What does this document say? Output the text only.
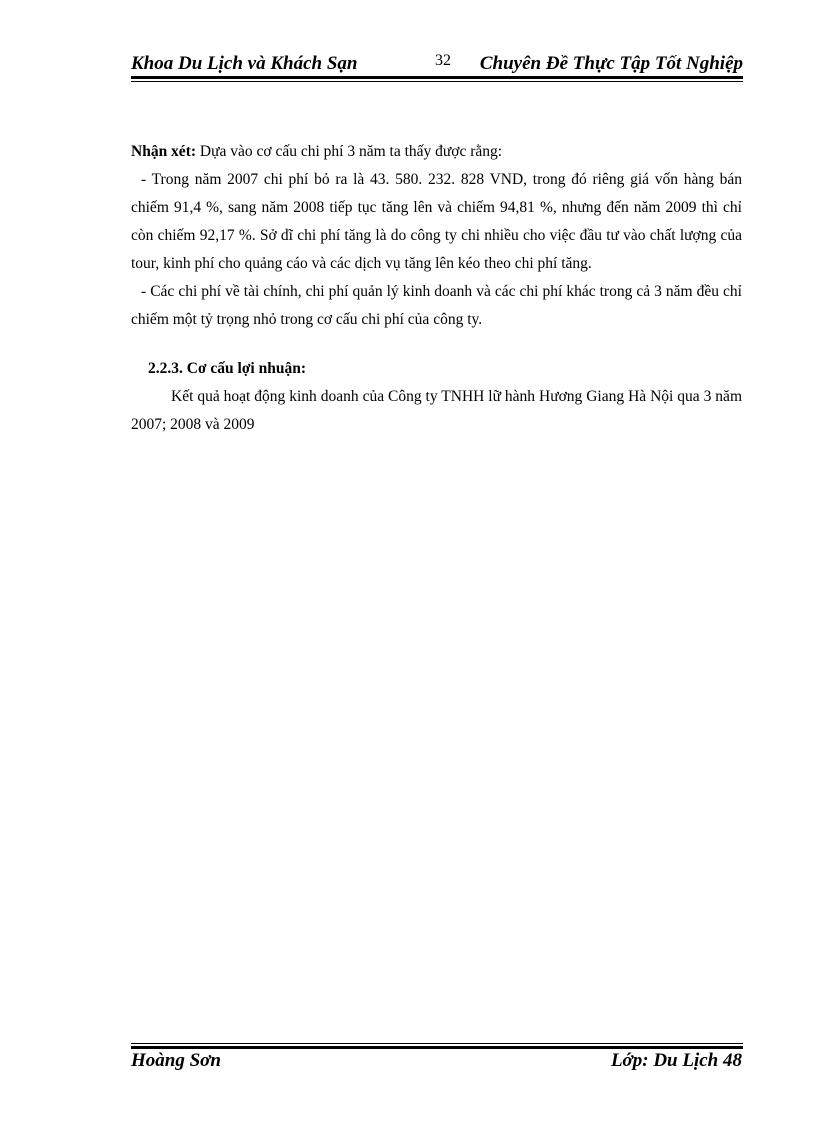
Khoa Du Lịch và Khách Sạn	32 Chuyên Đề Thực Tập Tốt Nghiệp

Nhận xét: Dựa vào cơ cấu chi phí 3 năm ta thấy được rằng:

- Trong năm 2007 chi phí bỏ ra là 43. 580. 232. 828 VND, trong đó riêng giá vốn hàng bán chiếm 91,4 %, sang năm 2008 tiếp tục tăng lên và chiếm 94,81 %, nhưng đến năm 2009 thì chỉ còn chiếm 92,17 %. Sở dĩ chi phí tăng là do công ty chi nhiều cho việc đầu tư vào chất lượng của tour, kinh phí cho quảng cáo và các dịch vụ tăng lên kéo theo chi phí tăng.

- Các chi phí về tài chính, chi phí quản lý kinh doanh và các chi phí khác trong cả 3 năm đều chỉ chiếm một tỷ trọng nhỏ trong cơ cấu chi phí của công ty.

2.2.3. Cơ cấu lợi nhuận:

Kết quả hoạt động kinh doanh của Công ty TNHH lữ hành Hương Giang Hà Nội qua 3 năm 2007; 2008 và 2009

Hoàng Sơn	Lớp: Du Lịch 48
